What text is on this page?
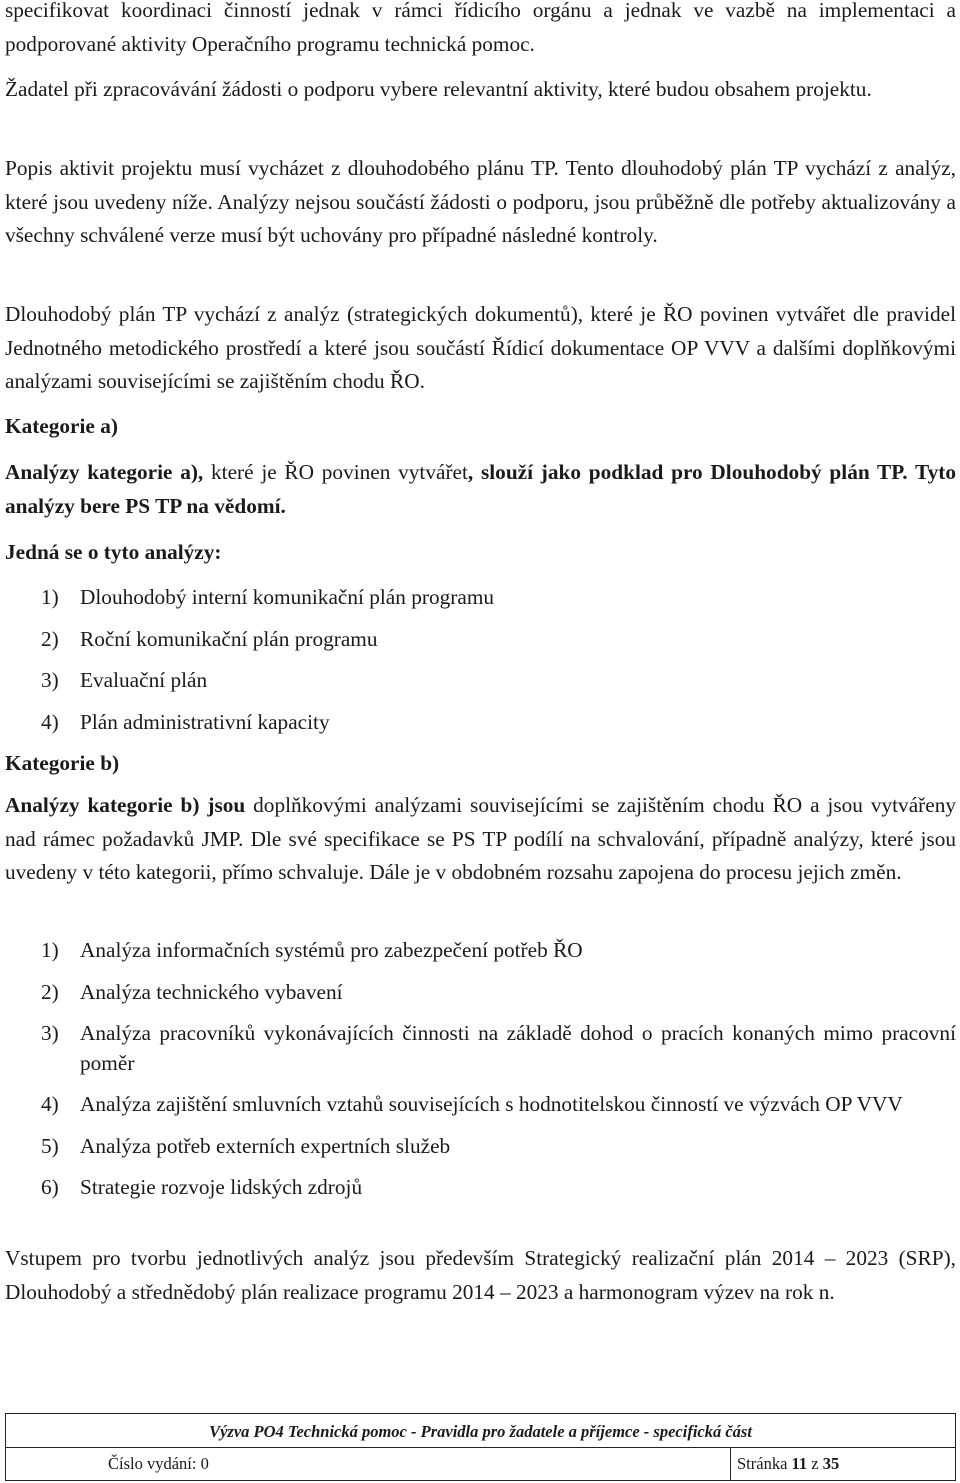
specifikovat koordinaci činností jednak v rámci řídicího orgánu a jednak ve vazbě na implementaci a podporované aktivity Operačního programu technická pomoc.

Žadatel při zpracovávání žádosti o podporu vybere relevantní aktivity, které budou obsahem projektu.

Popis aktivit projektu musí vycházet z dlouhodobého plánu TP. Tento dlouhodobý plán TP vychází z analýz, které jsou uvedeny níže. Analýzy nejsou součástí žádosti o podporu, jsou průběžně dle potřeby aktualizovány a všechny schválené verze musí být uchovány pro případné následné kontroly.

Dlouhodobý plán TP vychází z analýz (strategických dokumentů), které je ŘO povinen vytvářet dle pravidel Jednotného metodického prostředí a které jsou součástí Řídicí dokumentace OP VVV a dalšími doplňkovými analýzami souvisejícími se zajištěním chodu ŘO.

Kategorie a)

Analýzy kategorie a), které je ŘO povinen vytvářet, slouží jako podklad pro Dlouhodobý plán TP. Tyto analýzy bere PS TP na vědomí.

Jedná se o tyto analýzy:

1) Dlouhodobý interní komunikační plán programu
2) Roční komunikační plán programu
3) Evaluační plán
4) Plán administrativní kapacity

Kategorie b)

Analýzy kategorie b) jsou doplňkovými analýzami souvisejícími se zajištěním chodu ŘO a jsou vytvářeny nad rámec požadavků JMP. Dle své specifikace se PS TP podílí na schvalování, případně analýzy, které jsou uvedeny v této kategorii, přímo schvaluje. Dále je v obdobném rozsahu zapojena do procesu jejich změn.

1) Analýza informačních systémů pro zabezpečení potřeb ŘO
2) Analýza technického vybavení
3) Analýza pracovníků vykonávajících činnosti na základě dohod o pracích konaných mimo pracovní poměr
4) Analýza zajištění smluvních vztahů souvisejících s hodnotitelskou činností ve výzvách OP VVV
5) Analýza potřeb externích expertních služeb
6) Strategie rozvoje lidských zdrojů

Vstupem pro tvorbu jednotlivých analýz jsou především Strategický realizační plán 2014 – 2023 (SRP), Dlouhodobý a střednědobý plán realizace programu 2014 – 2023 a harmonogram výzev na rok n.

Výzva PO4 Technická pomoc - Pravidla pro žadatele a příjemce - specifická část
Číslo vydání: 0	Stránka 11 z 35
